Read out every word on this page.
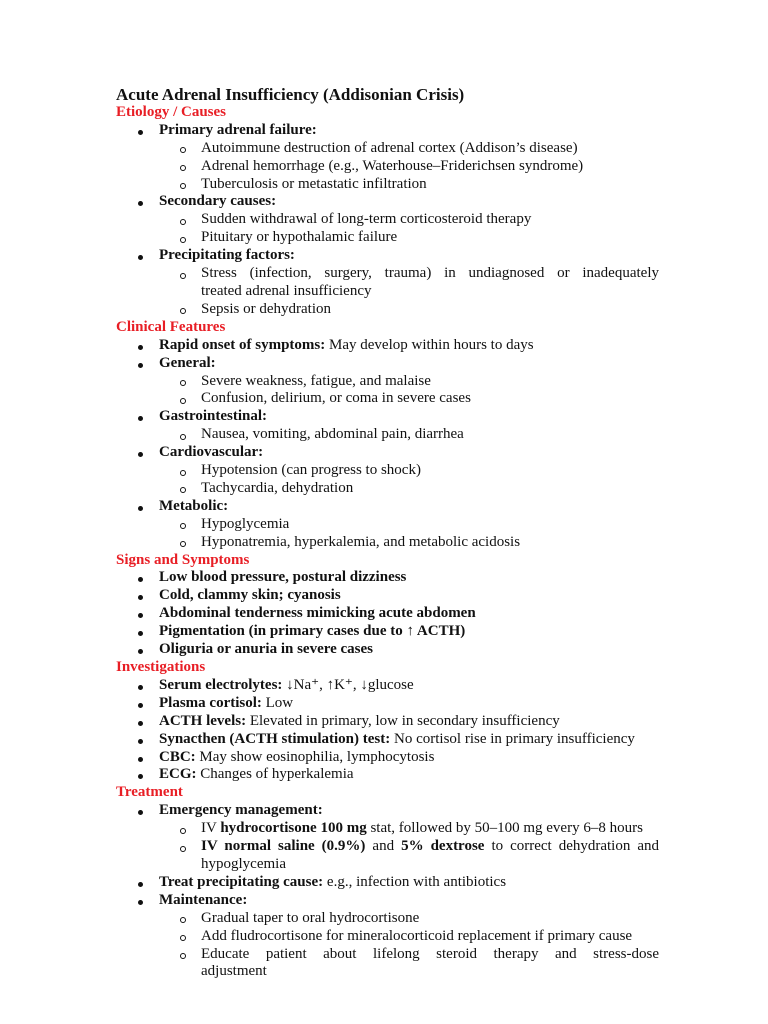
Acute Adrenal Insufficiency (Addisonian Crisis)
Etiology / Causes
Primary adrenal failure:
Autoimmune destruction of adrenal cortex (Addison’s disease)
Adrenal hemorrhage (e.g., Waterhouse–Friderichsen syndrome)
Tuberculosis or metastatic infiltration
Secondary causes:
Sudden withdrawal of long-term corticosteroid therapy
Pituitary or hypothalamic failure
Precipitating factors:
Stress (infection, surgery, trauma) in undiagnosed or inadequately
treated adrenal insufficiency
Sepsis or dehydration
Clinical Features
Rapid onset of symptoms: May develop within hours to days
General:
Severe weakness, fatigue, and malaise
Confusion, delirium, or coma in severe cases
Gastrointestinal:
Nausea, vomiting, abdominal pain, diarrhea
Cardiovascular:
Hypotension (can progress to shock)
Tachycardia, dehydration
Metabolic:
Hypoglycemia
Hyponatremia, hyperkalemia, and metabolic acidosis
Signs and Symptoms
Low blood pressure, postural dizziness
Cold, clammy skin; cyanosis
Abdominal tenderness mimicking acute abdomen
Pigmentation (in primary cases due to ↑ ACTH)
Oliguria or anuria in severe cases
Investigations
Serum electrolytes: ↓Na⁺, ↑K⁺, ↓glucose
Plasma cortisol: Low
ACTH levels: Elevated in primary, low in secondary insufficiency
Synacthen (ACTH stimulation) test: No cortisol rise in primary insufficiency
CBC: May show eosinophilia, lymphocytosis
ECG: Changes of hyperkalemia
Treatment
Emergency management:
IV hydrocortisone 100 mg stat, followed by 50–100 mg every 6–8 hours
IV normal saline (0.9%) and 5% dextrose to correct dehydration and
hypoglycemia
Treat precipitating cause: e.g., infection with antibiotics
Maintenance:
Gradual taper to oral hydrocortisone
Add fludrocortisone for mineralocorticoid replacement if primary cause
Educate patient about lifelong steroid therapy and stress-dose
adjustment
